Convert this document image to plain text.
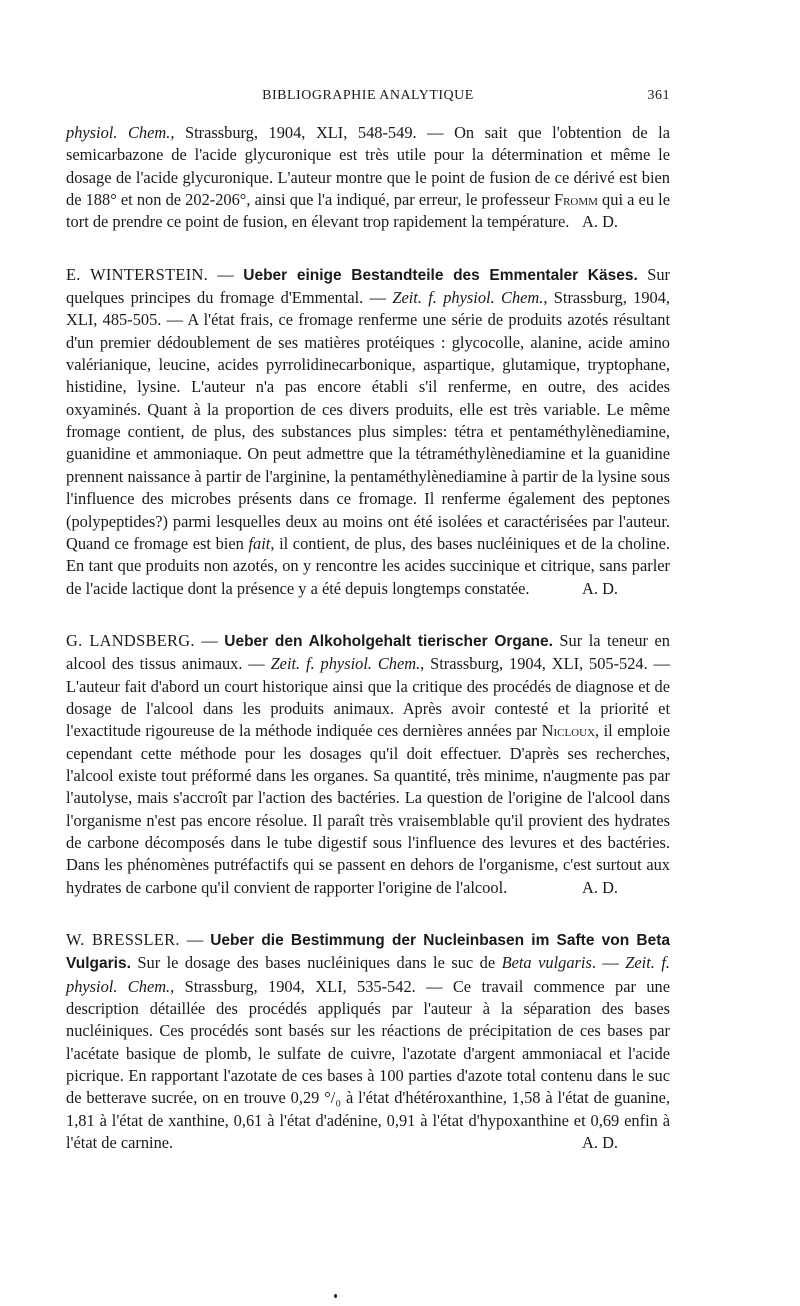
BIBLIOGRAPHIE ANALYTIQUE	361

physiol. Chem., Strassburg, 1904, XLI, 548-549. — On sait que l'obtention de la semicarbazone de l'acide glycuronique est très utile pour la détermination et même le dosage de l'acide glycuronique. L'auteur montre que le point de fusion de ce dérivé est bien de 188° et non de 202-206°, ainsi que l'a indiqué, par erreur, le professeur Fromm qui a eu le tort de prendre ce point de fusion, en élevant trop rapidement la température. A. D.

E. WINTERSTEIN. — Ueber einige Bestandteile des Emmentaler Käses. Sur quelques principes du fromage d'Emmental. — Zeit. f. physiol. Chem., Strassburg, 1904, XLI, 485-505. — A l'état frais, ce fromage renferme une série de produits azotés résultant d'un premier dédoublement de ses matières protéiques : glycocolle, alanine, acide amino valérianique, leucine, acides pyrrolidinecarbonique, aspartique, glutamique, tryptophane, histidine, lysine. L'auteur n'a pas encore établi s'il renferme, en outre, des acides oxyaminés. Quant à la proportion de ces divers produits, elle est très variable. Le même fromage contient, de plus, des substances plus simples: tétra et pentaméthylènediamine, guanidine et ammoniaque. On peut admettre que la tétraméthylènediamine et la guanidine prennent naissance à partir de l'arginine, la pentaméthylènediamine à partir de la lysine sous l'influence des microbes présents dans ce fromage. Il renferme également des peptones (polypeptides?) parmi lesquelles deux au moins ont été isolées et caractérisées par l'auteur. Quand ce fromage est bien fait, il contient, de plus, des bases nucléiniques et de la choline. En tant que produits non azotés, on y rencontre les acides succinique et citrique, sans parler de l'acide lactique dont la présence y a été depuis longtemps constatée.	A. D.

G. LANDSBERG. — Ueber den Alkoholgehalt tierischer Organe. Sur la teneur en alcool des tissus animaux. — Zeit. f. physiol. Chem., Strassburg, 1904, XLI, 505-524. — L'auteur fait d'abord un court historique ainsi que la critique des procédés de diagnose et de dosage de l'alcool dans les produits animaux. Après avoir contesté et la priorité et l'exactitude rigoureuse de la méthode indiquée ces dernières années par Nicloux, il emploie cependant cette méthode pour les dosages qu'il doit effectuer. D'après ses recherches, l'alcool existe tout préformé dans les organes. Sa quantité, très minime, n'augmente pas par l'autolyse, mais s'accroît par l'action des bactéries. La question de l'origine de l'alcool dans l'organisme n'est pas encore résolue. Il paraît très vraisemblable qu'il provient des hydrates de carbone décomposés dans le tube digestif sous l'influence des levures et des bactéries. Dans les phénomènes putréfactifs qui se passent en dehors de l'organisme, c'est surtout aux hydrates de carbone qu'il convient de rapporter l'origine de l'alcool.	A. D.

W. BRESSLER. — Ueber die Bestimmung der Nucleinbasen im Safte von Beta Vulgaris. Sur le dosage des bases nucléiniques dans le suc de Beta vulgaris. — Zeit. f. physiol. Chem., Strassburg, 1904, XLI, 535-542. — Ce travail commence par une description détaillée des procédés appliqués par l'auteur à la séparation des bases nucléiniques. Ces procédés sont basés sur les réactions de précipitation de ces bases par l'acétate basique de plomb, le sulfate de cuivre, l'azotate d'argent ammoniacal et l'acide picrique. En rapportant l'azotate de ces bases à 100 parties d'azote total contenu dans le suc de betterave sucrée, on en trouve 0,29 °/₀ à l'état d'hétéroxanthine, 1,58 à l'état de guanine, 1,81 à l'état de xanthine, 0,61 à l'état d'adénine, 0,91 à l'état d'hypoxanthine et 0,69 enfin à l'état de carnine.	A. D.
